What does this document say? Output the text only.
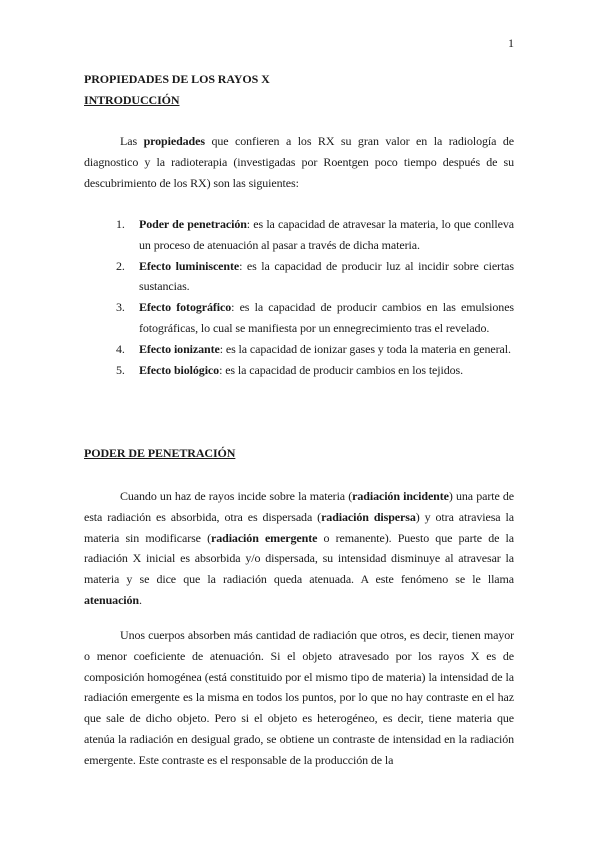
1
PROPIEDADES DE LOS RAYOS X
INTRODUCCIÓN

Las propiedades que confieren a los RX su gran valor en la radiología de diagnostico y la radioterapia (investigadas por Roentgen poco tiempo después de su descubrimiento de los RX) son las siguientes:

1. Poder de penetración: es la capacidad de atravesar la materia, lo que conlleva un proceso de atenuación al pasar a través de dicha materia.
2. Efecto luminiscente: es la capacidad de producir luz al incidir sobre ciertas sustancias.
3. Efecto fotográfico: es la capacidad de producir cambios en las emulsiones fotográficas, lo cual se manifiesta por un ennegrecimiento tras el revelado.
4. Efecto ionizante: es la capacidad de ionizar gases y toda la materia en general.
5. Efecto biológico: es la capacidad de producir cambios en los tejidos.
PODER DE PENETRACIÓN

Cuando un haz de rayos incide sobre la materia (radiación incidente) una parte de esta radiación es absorbida, otra es dispersada (radiación dispersa) y otra atraviesa la materia sin modificarse (radiación emergente o remanente). Puesto que parte de la radiación X inicial es absorbida y/o dispersada, su intensidad disminuye al atravesar la materia y se dice que la radiación queda atenuada. A este fenómeno se le llama atenuación.

Unos cuerpos absorben más cantidad de radiación que otros, es decir, tienen mayor o menor coeficiente de atenuación. Si el objeto atravesado por los rayos X es de composición homogénea (está constituido por el mismo tipo de materia) la intensidad de la radiación emergente es la misma en todos los puntos, por lo que no hay contraste en el haz que sale de dicho objeto. Pero si el objeto es heterogéneo, es decir, tiene materia que atenúa la radiación en desigual grado, se obtiene un contraste de intensidad en la radiación emergente. Este contraste es el responsable de la producción de la
